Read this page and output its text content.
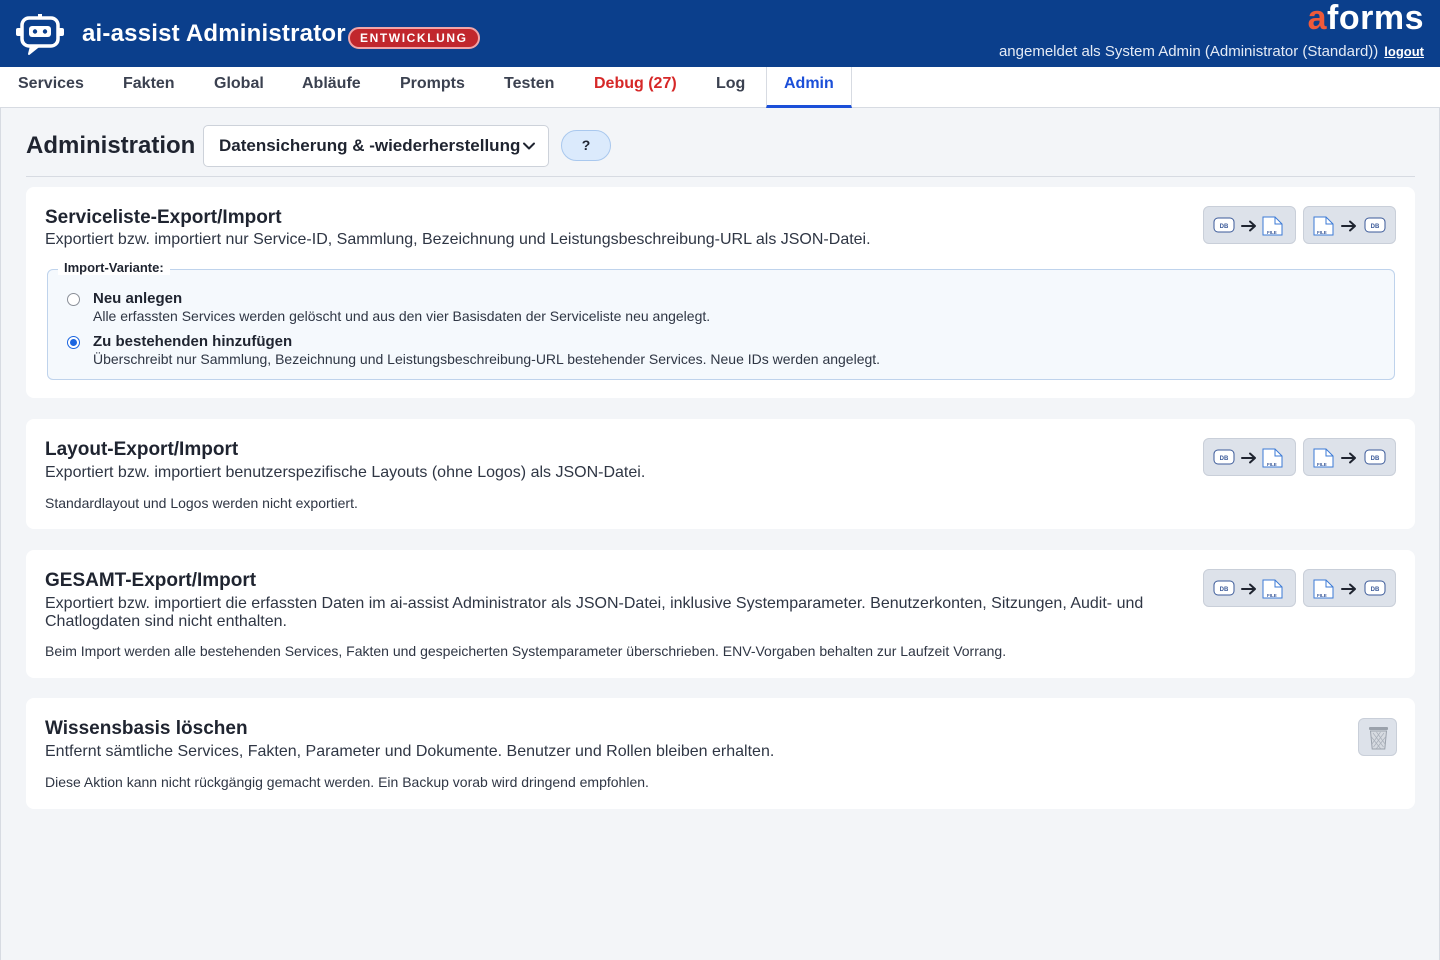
ai-assist Administrator	ENTWICKLUNG
aforms
angemeldet als System Admin (Administrator (Standard)) logout
Services Fakten Global Abläufe Prompts Testen Debug (27) Log	Admin
Administration	Datensicherung & -wiederherstellung	?
Serviceliste-Export/Import
Exportiert bzw. importiert nur Service-ID, Sammlung, Bezeichnung und Leistungsbeschreibung-URL als JSON-Datei.
DB
FILE	FILE
DB
Import-Variante:
Neu anlegen
Alle erfassten Services werden gelöscht und aus den vier Basisdaten der Serviceliste neu angelegt.
Zu bestehenden hinzufügen
Überschreibt nur Sammlung, Bezeichnung und Leistungsbeschreibung-URL bestehender Services. Neue IDs werden angelegt.
Layout-Export/Import
Exportiert bzw. importiert benutzerspezifische Layouts (ohne Logos) als JSON-Datei.
Standardlayout und Logos werden nicht exportiert.
DB
FILE	FILE
DB
GESAMT-Export/Import
Exportiert bzw. importiert die erfassten Daten im ai-assist Administrator als JSON-Datei, inklusive Systemparameter. Benutzerkonten, Sitzungen, Audit- und
Chatlogdaten sind nicht enthalten.
Beim Import werden alle bestehenden Services, Fakten und gespeicherten Systemparameter überschrieben. ENV-Vorgaben behalten zur Laufzeit Vorrang.
DB
FILE	FILE
DB
Wissensbasis löschen
Entfernt sämtliche Services, Fakten, Parameter und Dokumente. Benutzer und Rollen bleiben erhalten.
Diese Aktion kann nicht rückgängig gemacht werden. Ein Backup vorab wird dringend empfohlen.
